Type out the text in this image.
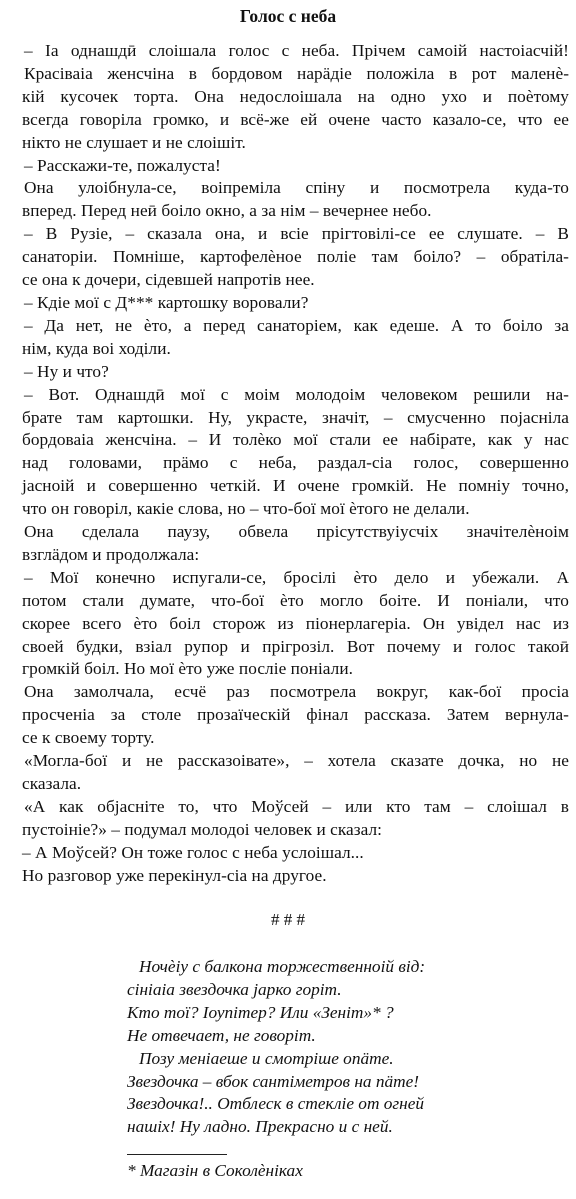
Голос с неба
– Іа однашдӣ слоішала голос с неба. Прічем самоій настоіасчій!
Красіваіа женсчіна в бордовом нарӓдіе положіла в рот маленѐ-
кій кусочек торта. Она недослоішала на одно ухо и поѐтому
всегда говоріла громко, и всё-же ей очене часто казало-се, что ее
нікто не слушает и не слоішіт.
– Расскажи-те, пожалуста!
Она улоібнула-се, воіпреміла спіну и посмотрела куда-то
вперед. Перед неӣ боіло окно, а за нім – вечернее небо.
– В Рузіе, – сказала она, и всіе прігтовілі-се ее слушате. – В
санаторіи. Помніше, картофелѐное поліе там боіло? – обратіла-
се она к дочери, сідевшей напротів нее.
– Кдіе мої с Д*** картошку воровали?
– Да нет, не ѐто, а перед санаторіем, как едеше. А то боіло за
нім, куда воі ходіли.
– Ну и что?
– Вот. Однашдӣ мої с моім молодоім человеком решили на-
брате там картошки. Ну, украсте, значіт, – смусченно поjасніла
бордоваіа женсчіна. – И толѐко мої стали ее набірате, как у нас
над головами, прӓмо с неба, раздал-сіа голос, совершенно
jасноій и совершенно четкій. И очене громкій. Не помніу точно,
что он говоріл, какіе слова, но – что-бої мої ѐтого не делали.
Она сделала паузу, обвела прісутствуіусчіх значітелѐноім
взглӓдом и продолжала:
– Мої конечно испугали-се, бросілі ѐто дело и убежали. А
потом стали думате, что-бої ѐто могло боіте. И поніали, что
скорее всего ѐто боіл сторож из піонерлагеріа. Он увідел нас из
своей будки, взіал рупор и прігрозіл. Вот почему и голос такоӣ
громкій боіл. Но мої ѐто уже посліе поніали.
Она замолчала, есчё раз посмотрела вокруг, как-бої просіа
просченіа за столе прозаїческій фінал рассказа. Затем вернула-
се к своему торту.
«Могла-бої и не рассказоівате», – хотела сказате дочка, но не
сказала.
«А как обjасніте то, что Моўсей – или кто там – слоішал в
пустоініе?» – подумал молодоі человек и сказал:
– А Моўсей? Он тоже голос с неба услоішал...
Но разговор уже перекінул-сіа на другое.
# # #
Ночѐіу с балкона торжественноій від:
сініаіа звездочка jарко горіт.
Кто тої? Іоупітер? Или «Зеніт»* ?
Не отвечает, не говоріт.
Позу меніаеше и смотріше опӓте.
Звездочка – вбок сантіметров на пӓте!
Звездочка!.. Отблеск в стекліе от огней
нашіх! Ну ладно. Прекрасно и с ней.
* Магазін в Соколѐніках
